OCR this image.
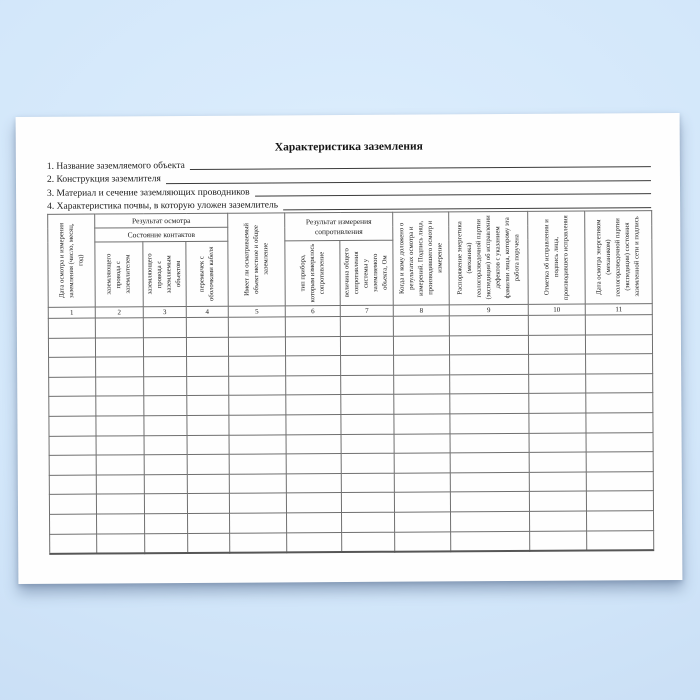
Характеристика заземления
1. Название заземляемого объекта
2. Конструкция заземлителя
3. Материал и сечение заземляющих проводников
4. Характеристика почвы, в которую уложен заземлитель
Дата осмотра и измерения заземления (число, месяц, год)	Результат осмотра			Имеет ли осматриваемый объект местное и общее заземление	Результат измерения сопротивления		Когда и кому доложено о результатах осмотра и измерений. Подпись лица, производившего осмотр и измерение	Распоряжение энергетика (механика) геологоразведочной партии (экспедиции) об исправлении дефектов с указанием фамилии лица, которому эта работа поручена	Отметка об исправлении и подпись лица, производившего исправления	Дата осмотра энергетиком (механиком) геологоразведочной партии (экспедиции) состояния заземленной сети и подпись

	Состояние контактов									

	заземляющего провода с заземлителем	заземляющего провода с заземляемым объектом	перемычек с оболочками кабеля		тип прибора, которым измерялось сопротивление	величина общего сопротивления системы у заземляемого объекта, Ом				

1	2	3	4	5	6	7	8	9	10	11
